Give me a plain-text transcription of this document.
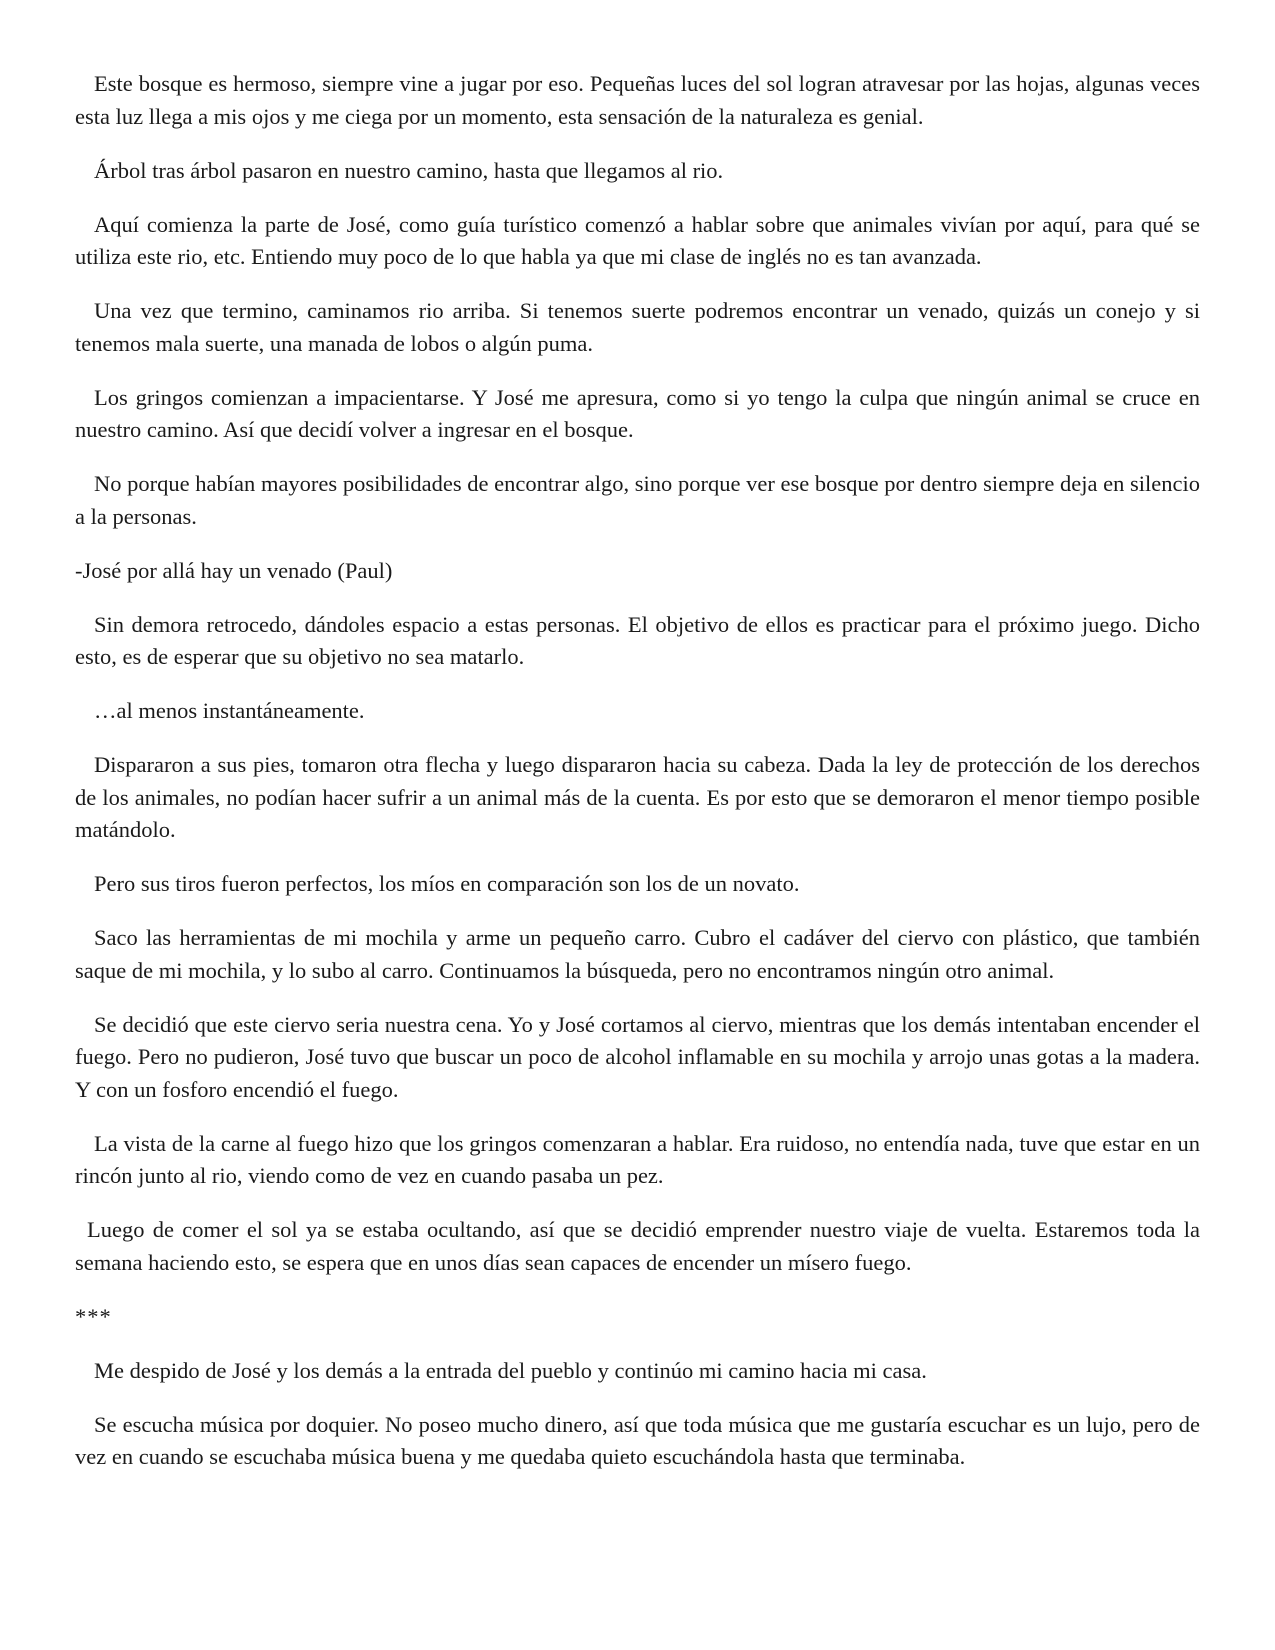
Este bosque es hermoso, siempre vine a jugar por eso. Pequeñas luces del sol logran atravesar por las hojas, algunas veces esta luz llega a mis ojos y me ciega por un momento, esta sensación de la naturaleza es genial.

Árbol tras árbol pasaron en nuestro camino, hasta que llegamos al rio.

Aquí comienza la parte de José, como guía turístico comenzó a hablar sobre que animales vivían por aquí, para qué se utiliza este rio, etc. Entiendo muy poco de lo que habla ya que mi clase de inglés no es tan avanzada.

Una vez que termino, caminamos rio arriba. Si tenemos suerte podremos encontrar un venado, quizás un conejo y si tenemos mala suerte, una manada de lobos o algún puma.

Los gringos comienzan a impacientarse. Y José me apresura, como si yo tengo la culpa que ningún animal se cruce en nuestro camino. Así que decidí volver a ingresar en el bosque.

No porque habían mayores posibilidades de encontrar algo, sino porque ver ese bosque por dentro siempre deja en silencio a la personas.

-José por allá hay un venado (Paul)

Sin demora retrocedo, dándoles espacio a estas personas. El objetivo de ellos es practicar para el próximo juego. Dicho esto, es de esperar que su objetivo no sea matarlo.

…al menos instantáneamente.

Dispararon a sus pies, tomaron otra flecha y luego dispararon hacia su cabeza. Dada la ley de protección de los derechos de los animales, no podían hacer sufrir a un animal más de la cuenta. Es por esto que se demoraron el menor tiempo posible matándolo.

Pero sus tiros fueron perfectos, los míos en comparación son los de un novato.

Saco las herramientas de mi mochila y arme un pequeño carro. Cubro el cadáver del ciervo con plástico, que también saque de mi mochila, y lo subo al carro. Continuamos la búsqueda, pero no encontramos ningún otro animal.

Se decidió que este ciervo seria nuestra cena. Yo y José cortamos al ciervo, mientras que los demás intentaban encender el fuego. Pero no pudieron, José tuvo que buscar un poco de alcohol inflamable en su mochila y arrojo unas gotas a la madera. Y con un fosforo encendió el fuego.

La vista de la carne al fuego hizo que los gringos comenzaran a hablar. Era ruidoso, no entendía nada, tuve que estar en un rincón junto al rio, viendo como de vez en cuando pasaba un pez.

Luego de comer el sol ya se estaba ocultando, así que se decidió emprender nuestro viaje de vuelta. Estaremos toda la semana haciendo esto, se espera que en unos días sean capaces de encender un mísero fuego.

***

Me despido de José y los demás a la entrada del pueblo y continúo mi camino hacia mi casa.

Se escucha música por doquier. No poseo mucho dinero, así que toda música que me gustaría escuchar es un lujo, pero de vez en cuando se escuchaba música buena y me quedaba quieto escuchándola hasta que terminaba.
